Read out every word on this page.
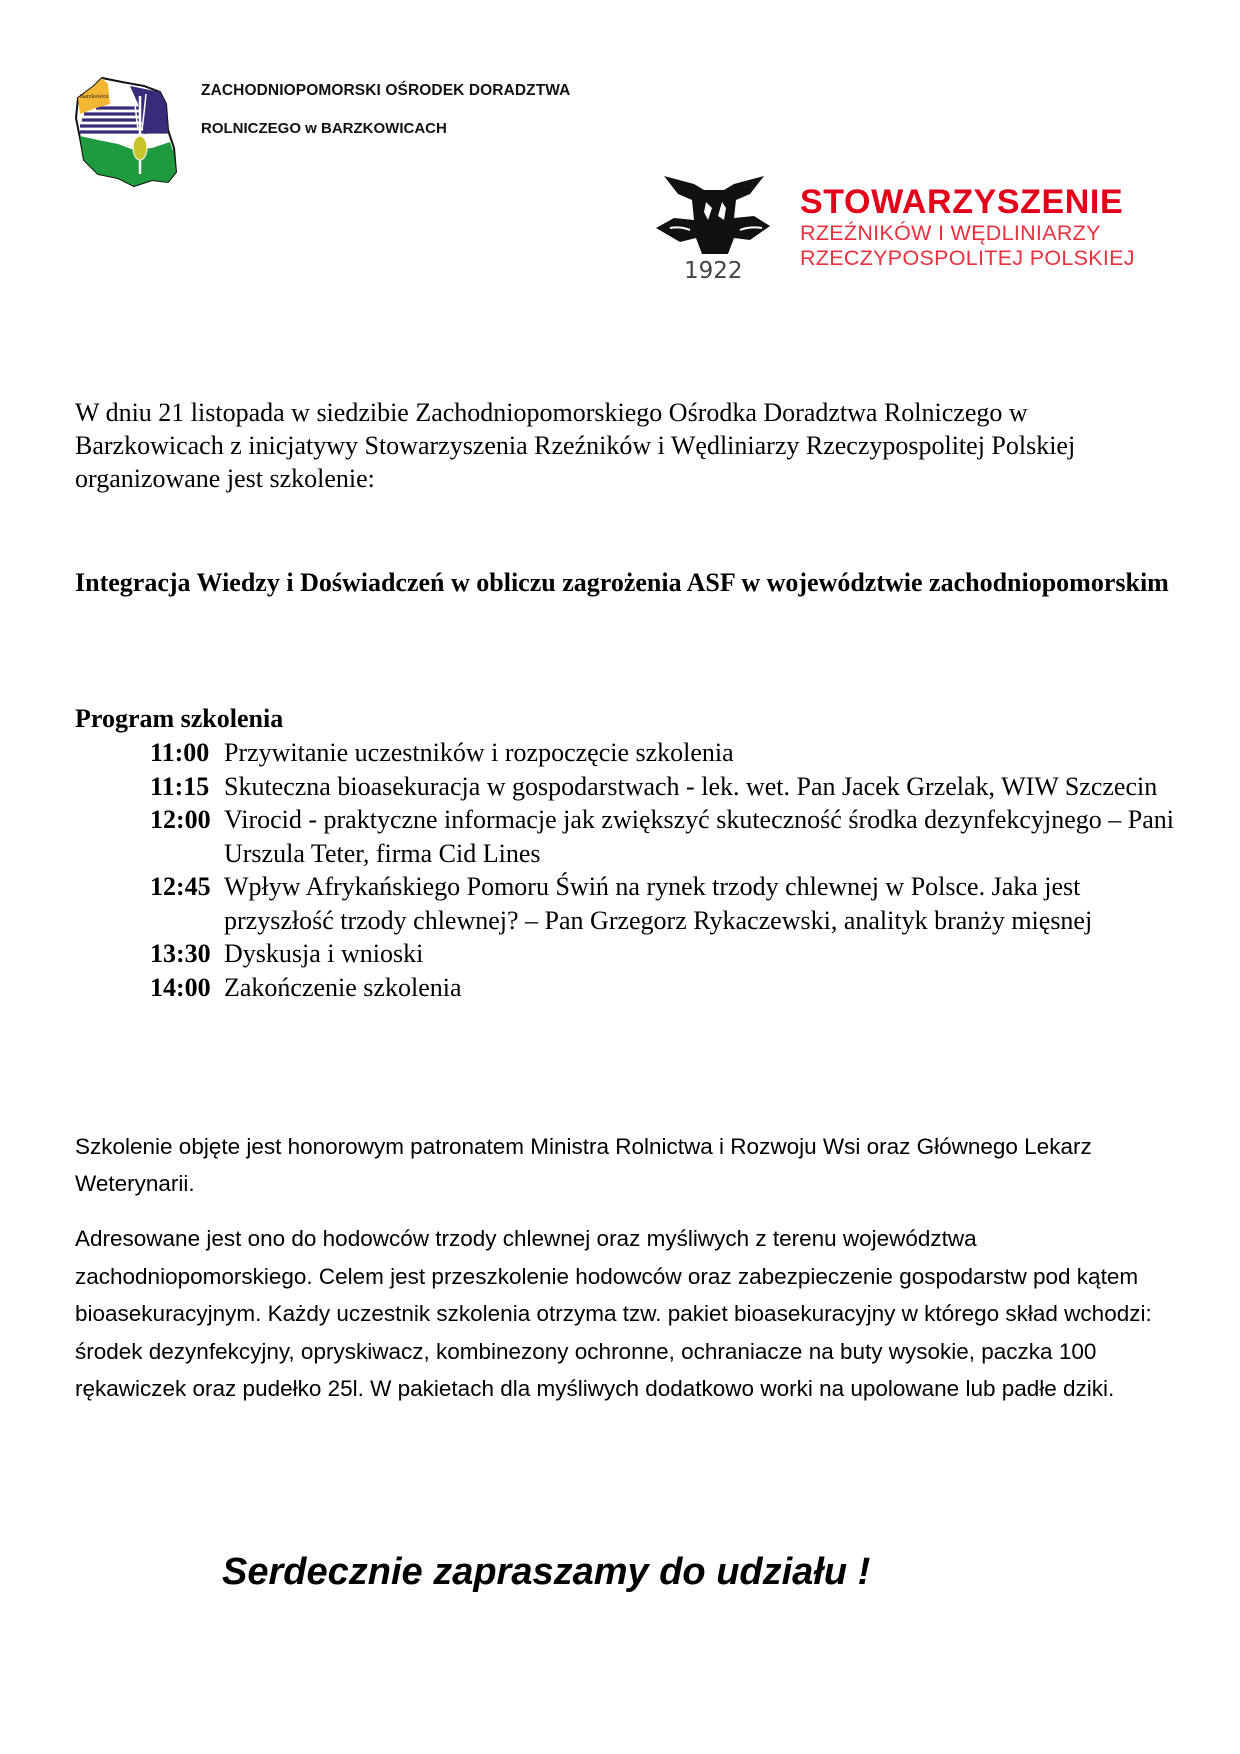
Barzkowice	ZACHODNIOPOMORSKI OŚRODEK DORADZTWA
ROLNICZEGO w BARZKOWICACH
1922
STOWARZYSZENIE
RZEŹNIKÓW I WĘDLINIARZY
RZECZYPOSPOLITEJ POLSKIEJ
W dniu 21 listopada w siedzibie Zachodniopomorskiego Ośrodka Doradztwa Rolniczego w Barzkowicach z inicjatywy Stowarzyszenia Rzeźników i Wędliniarzy Rzeczypospolitej Polskiej organizowane jest szkolenie:
Integracja Wiedzy i Doświadczeń w obliczu zagrożenia ASF w województwie zachodniopomorskim
Program szkolenia
11:00 Przywitanie uczestników i rozpoczęcie szkolenia
11:15 Skuteczna bioasekuracja w gospodarstwach - lek. wet. Pan Jacek Grzelak, WIW Szczecin
12:00 Virocid - praktyczne informacje jak zwiększyć skuteczność środka dezynfekcyjnego – Pani Urszula Teter, firma Cid Lines
12:45 Wpływ Afrykańskiego Pomoru Świń na rynek trzody chlewnej w Polsce. Jaka jest przyszłość trzody chlewnej? – Pan Grzegorz Rykaczewski, analityk branży mięsnej
13:30 Dyskusja i wnioski
14:00 Zakończenie szkolenia
Szkolenie objęte jest honorowym patronatem Ministra Rolnictwa i Rozwoju Wsi oraz Głównego Lekarz Weterynarii.
Adresowane jest ono do hodowców trzody chlewnej oraz myśliwych z terenu województwa zachodniopomorskiego. Celem jest przeszkolenie hodowców oraz zabezpieczenie gospodarstw pod kątem bioasekuracyjnym. Każdy uczestnik szkolenia otrzyma tzw. pakiet bioasekuracyjny w którego skład wchodzi: środek dezynfekcyjny, opryskiwacz, kombinezony ochronne, ochraniacze na buty wysokie, paczka 100 rękawiczek oraz pudełko 25l. W pakietach dla myśliwych dodatkowo worki na upolowane lub padłe dziki.
Serdecznie zapraszamy do udziału !
